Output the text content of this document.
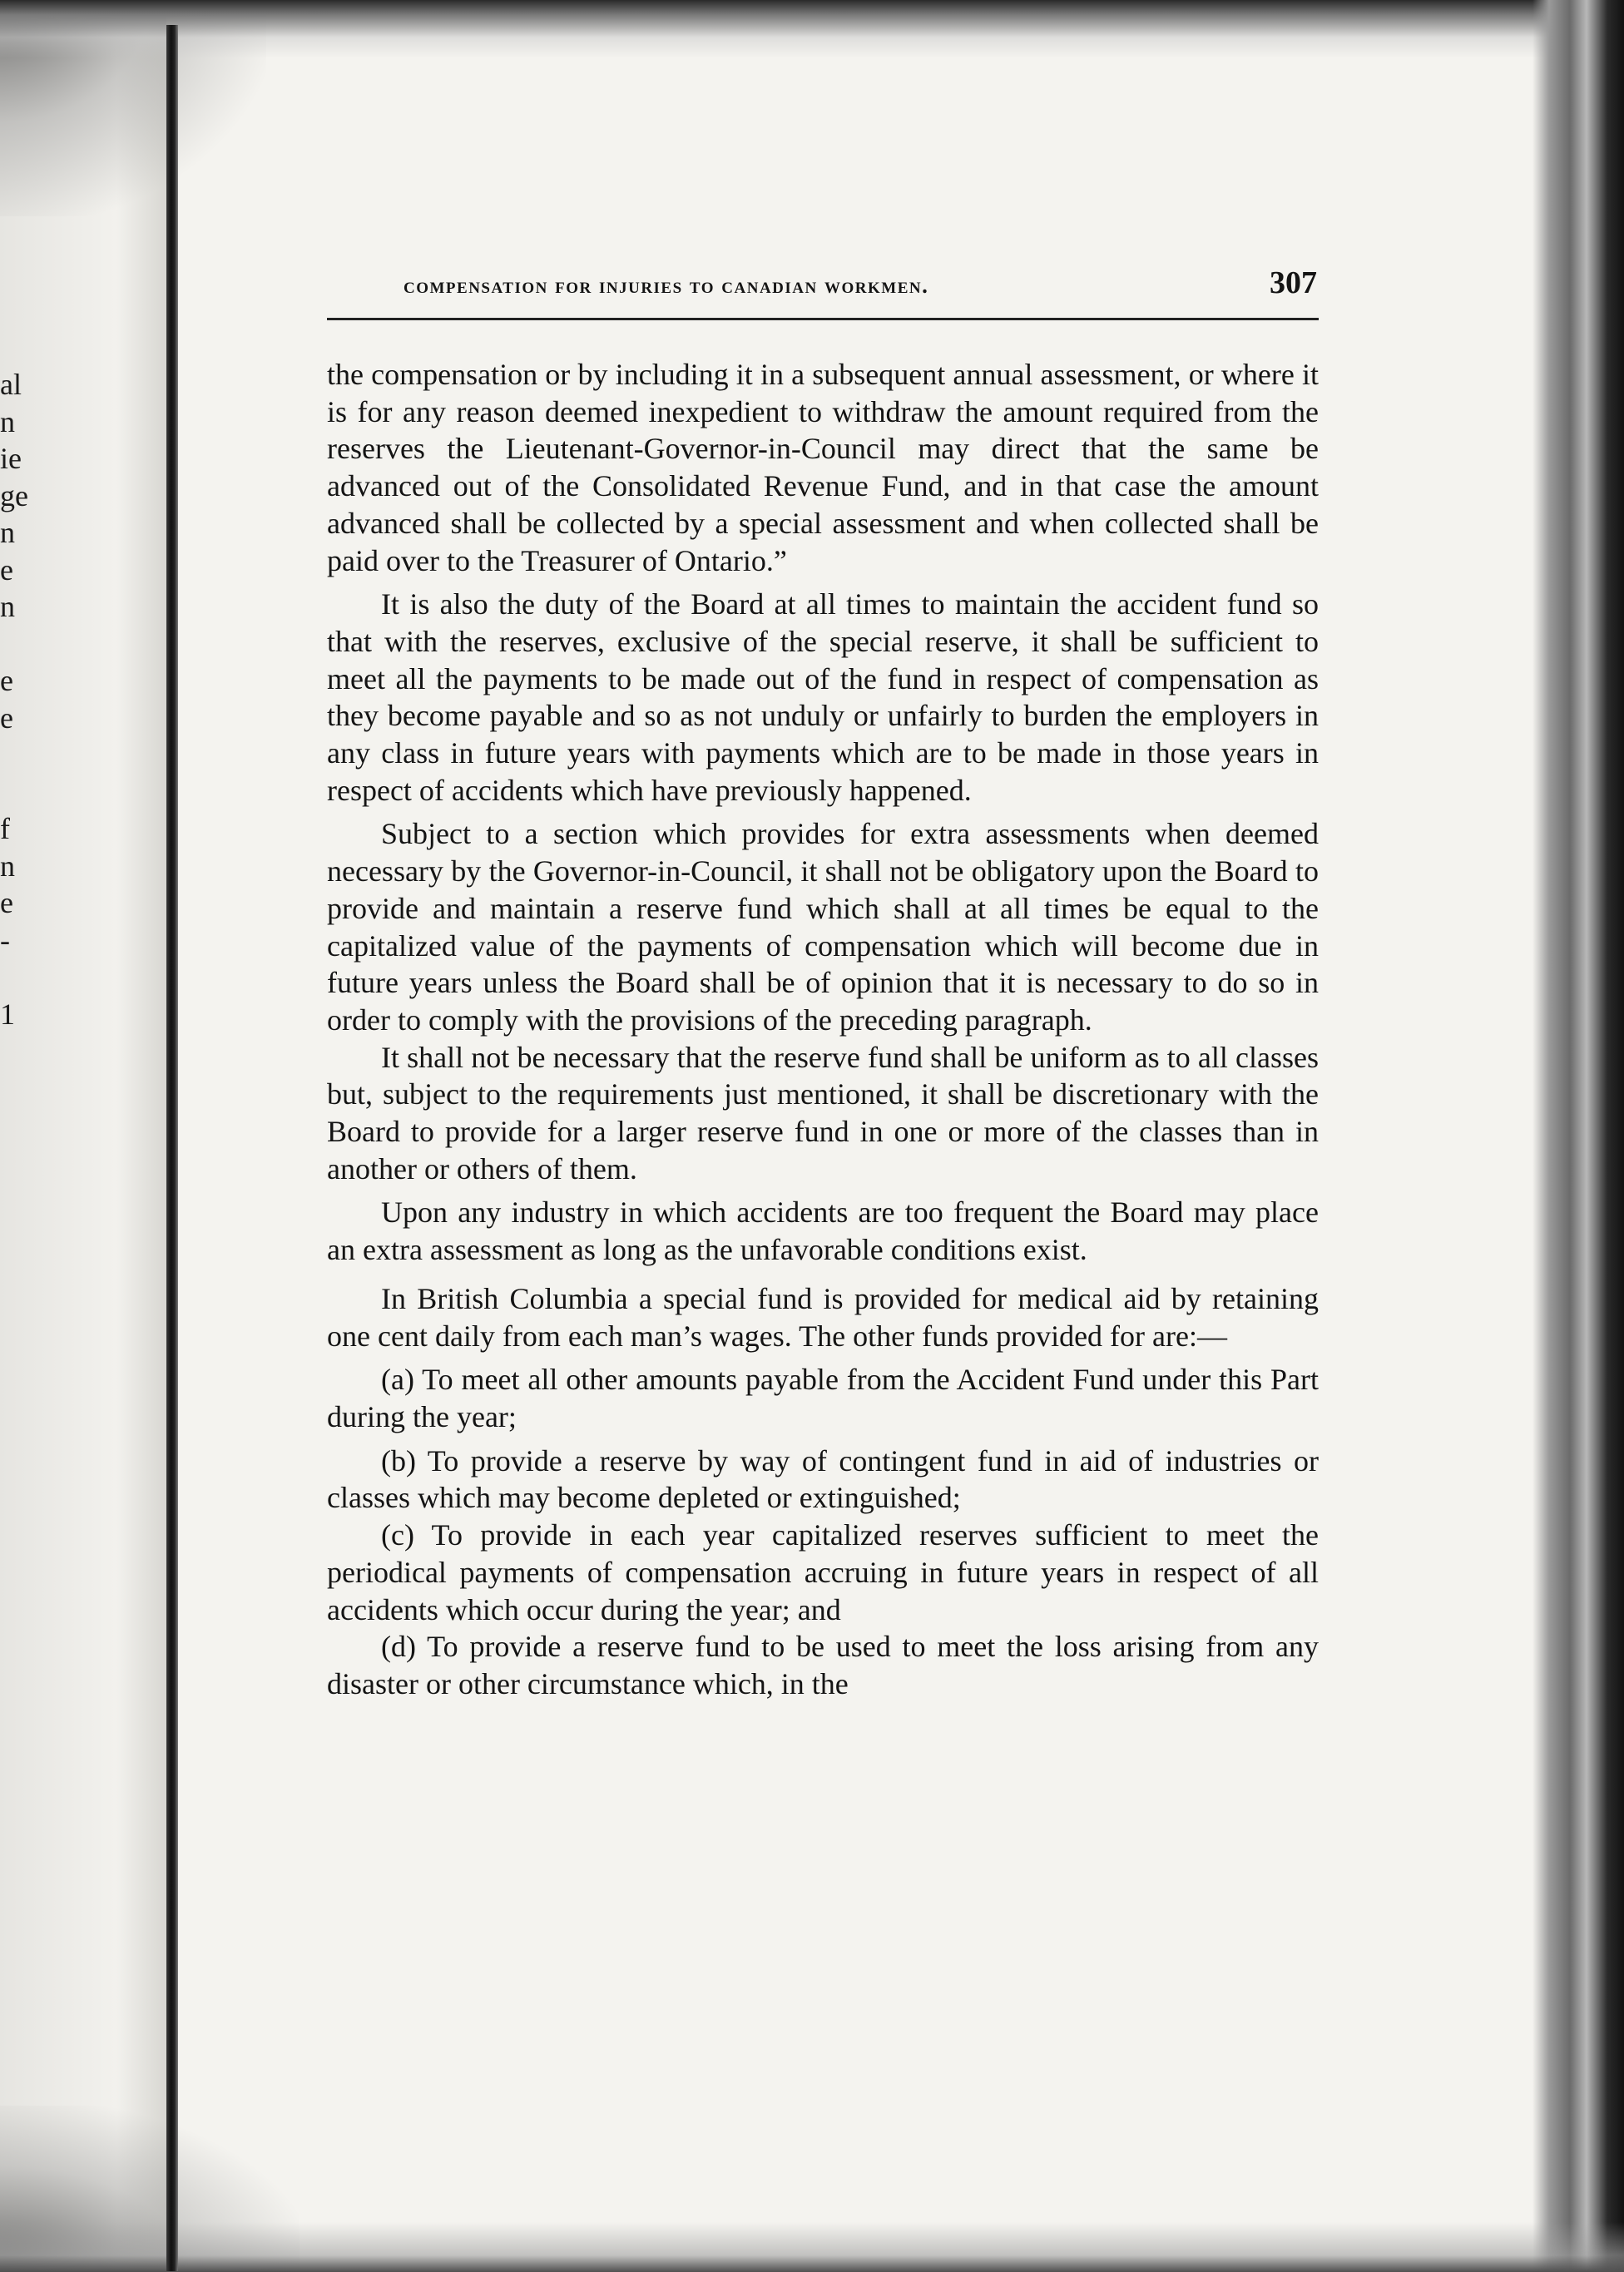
al
n
ie
ge
n
e
n
e
e
f
n
e
-
1
compensation for injuries to canadian workmen.	307

the compensation or by including it in a subsequent annual assessment, or where it is for any reason deemed inexpedient to withdraw the amount required from the reserves the Lieutenant-Governor-in-Council may direct that the same be advanced out of the Consolidated Revenue Fund, and in that case the amount advanced shall be collected by a special assessment and when collected shall be paid over to the Treasurer of Ontario.”

It is also the duty of the Board at all times to maintain the accident fund so that with the reserves, exclusive of the special reserve, it shall be sufficient to meet all the payments to be made out of the fund in respect of compensation as they become payable and so as not unduly or unfairly to burden the employers in any class in future years with payments which are to be made in those years in respect of accidents which have previously happened.

Subject to a section which provides for extra assessments when deemed necessary by the Governor-in-Council, it shall not be obligatory upon the Board to provide and maintain a reserve fund which shall at all times be equal to the capitalized value of the payments of compensation which will become due in future years unless the Board shall be of opinion that it is necessary to do so in order to comply with the provisions of the preceding paragraph.

It shall not be necessary that the reserve fund shall be uniform as to all classes but, subject to the requirements just mentioned, it shall be discretionary with the Board to provide for a larger reserve fund in one or more of the classes than in another or others of them.

Upon any industry in which accidents are too frequent the Board may place an extra assessment as long as the unfavorable conditions exist.

In British Columbia a special fund is provided for medical aid by retaining one cent daily from each man’s wages. The other funds provided for are:—

(a) To meet all other amounts payable from the Accident Fund under this Part during the year;

(b) To provide a reserve by way of contingent fund in aid of industries or classes which may become depleted or extinguished;

(c) To provide in each year capitalized reserves sufficient to meet the periodical payments of compensation accruing in future years in respect of all accidents which occur during the year; and

(d) To provide a reserve fund to be used to meet the loss arising from any disaster or other circumstance which, in the
